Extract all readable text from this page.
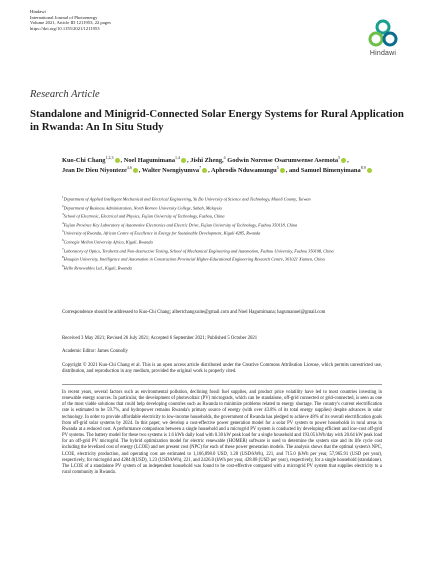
Hindawi
International Journal of Photoenergy
Volume 2021, Article ID 1211953, 22 pages
https://doi.org/10.1155/2021/1211953
Hindawi
Research Article
Standalone and Minigrid-Connected Solar Energy Systems for Rural Application in Rwanda: An In Situ Study
Kuo-Chi Chang$^{1,2,3}$ , Noel Hagumimana$^{1,4}$ , Jishi Zheng,$^4$ Godwin Norense Osarumwense Asemota$^5$ , Jean De Dieu Niyonteze$^{4,6}$ , Walter Nsengiyumva$^7$ , Aphrodis Nduwamungu$^5$ , and Samuel Bimenyimana$^{8,9}$
$^1$Department of Applied Intelligent Mechanical and Electrical Engineering, Yu Da University of Science and Technology, Miaoli County, Taiwan
$^2$Department of Business Administration, North Borneo University College, Sabah, Malaysia
$^3$School of Electronic, Electrical and Physics, Fujian University of Technology, Fuzhou, China
$^4$Fujian Province Key Laboratory of Automotive Electronics and Electric Drive, Fujian University of Technology, Fuzhou 350118, China
$^5$University of Rwanda, African Centre of Excellence in Energy for Sustainable Development, Kigali 4285, Rwanda
$^6$Carnegie Mellon University Africa, Kigali, Rwanda
$^7$Laboratory of Optics, Terahertz and Non-destructive Testing, School of Mechanical Engineering and Automation, Fuzhou University, Fuzhou 350108, China
$^8$Houqian University, Intelligence and Automation in Construction Provincial Higher-Educational Engineering Research Centre, 361021 Xiamen, China
$^9$Hello Renewables Ltd., Kigali, Rwanda
Correspondence should be addressed to Kuo-Chi Chang; albertchangxuite@gmail.com and Noel Hagumimana; hagumanoel@gmail.com
Received 3 May 2021; Revised 26 July 2021; Accepted 6 September 2021; Published 5 October 2021
Academic Editor: James Connolly
Copyright © 2021 Kuo-Chi Chang et al. This is an open access article distributed under the Creative Commons Attribution License, which permits unrestricted use, distribution, and reproduction in any medium, provided the original work is properly cited.
In recent years, several factors such as environmental pollution, declining fossil fuel supplies, and product price volatility have led to most countries investing in renewable energy sources. In particular, the development of photovoltaic (PV) micrograds, which can be standalone, off-grid connected or grid-connected, is seen as one of the most viable solutions that could help developing countries such as Rwanda to minimize problems related to energy shortage. The country's current electrification rate is estimated to be 59.7%, and hydropower remains Rwanda's primary source of energy (with over 43.8% of its total energy supplies) despite advances in solar technology. In order to provide affordable electricity to low-income households, the government of Rwanda has pledged to achieve 48% of its overall electrification goals from off-grid solar systems by 2024. In this paper, we develop a cost-effective power generation model for a solar PV system to power households in rural areas in Rwanda at a reduced cost. A performance comparison between a single household and a microgrid PV system is conducted by developing efficient and low-cost off-grid PV systems. The battery model for these two systems is 1.6 kWh daily load with 0.30 kW peak load for a single household and 193.05 kWh/day with 20.64 kW peak load for an off-grid PV microgrid. The hybrid optimization model for electric renewable (HOMER) software is used to determine the system size and its life cycle cost including the levelized cost of energy (LCOE) and net present cost (NPC) for each of these power generation models. The analysis shows that the optimal system's NPC, LCOE, electricity production, and operating cost are estimated to 1,166,898.0 USD, 1.28 (USD/kWh), 221, and 715.0 (kWh per year, 57,965.91 (USD per year), respectively, for microgrid and 4284.0(USD), 1.23 (USD/kWh), 221, and 2426.0 (kWh per year, 428.08 (USD per year), respectively, for a single household (standalone). The LCOE of a standalone PV system of an independent household was found to be cost-effective compared with a microgrid PV system that supplies electricity to a rural community in Rwanda.
